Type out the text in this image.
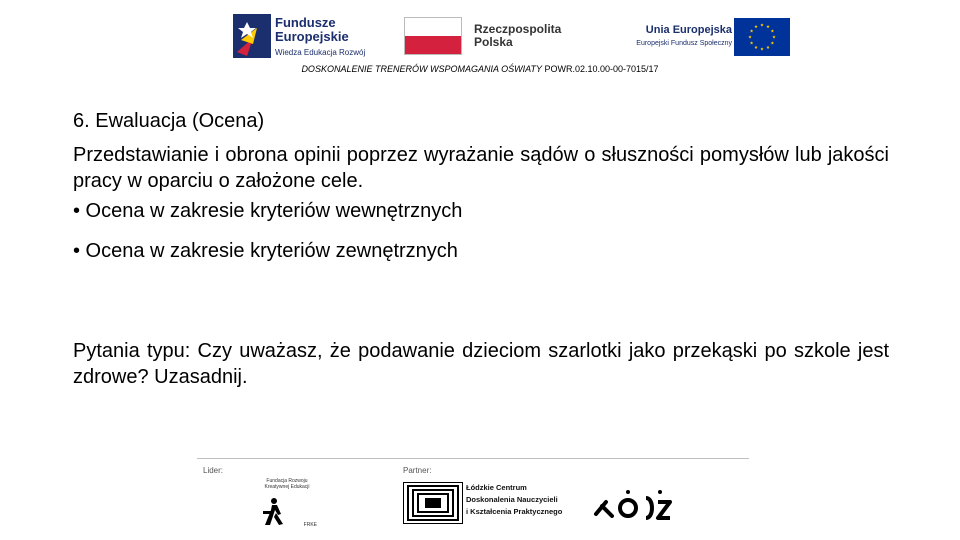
Fundusze
Europejskie
Wiedza Edukacja Rozwój
Rzeczpospolita
Polska
Unia Europejska
Europejski Fundusz Społeczny
DOSKONALENIE TRENERÓW WSPOMAGANIA OŚWIATY POWR.02.10.00-00-7015/17
6. Ewaluacja (Ocena)
Przedstawianie i obrona opinii poprzez wyrażanie sądów o słuszności pomysłów lub jakości pracy w oparciu o założone cele.
• Ocena w zakresie kryteriów wewnętrznych
• Ocena w zakresie kryteriów zewnętrznych
Pytania typu: Czy uważasz, że podawanie dzieciom szarlotki jako przekąski po szkole jest zdrowe? Uzasadnij.
Lider:	Partner:
Fundacja Rozwoju Kreatywnej Edukacji
FRKE
Łódzkie Centrum
Doskonalenia Nauczycieli
i Kształcenia Praktycznego
